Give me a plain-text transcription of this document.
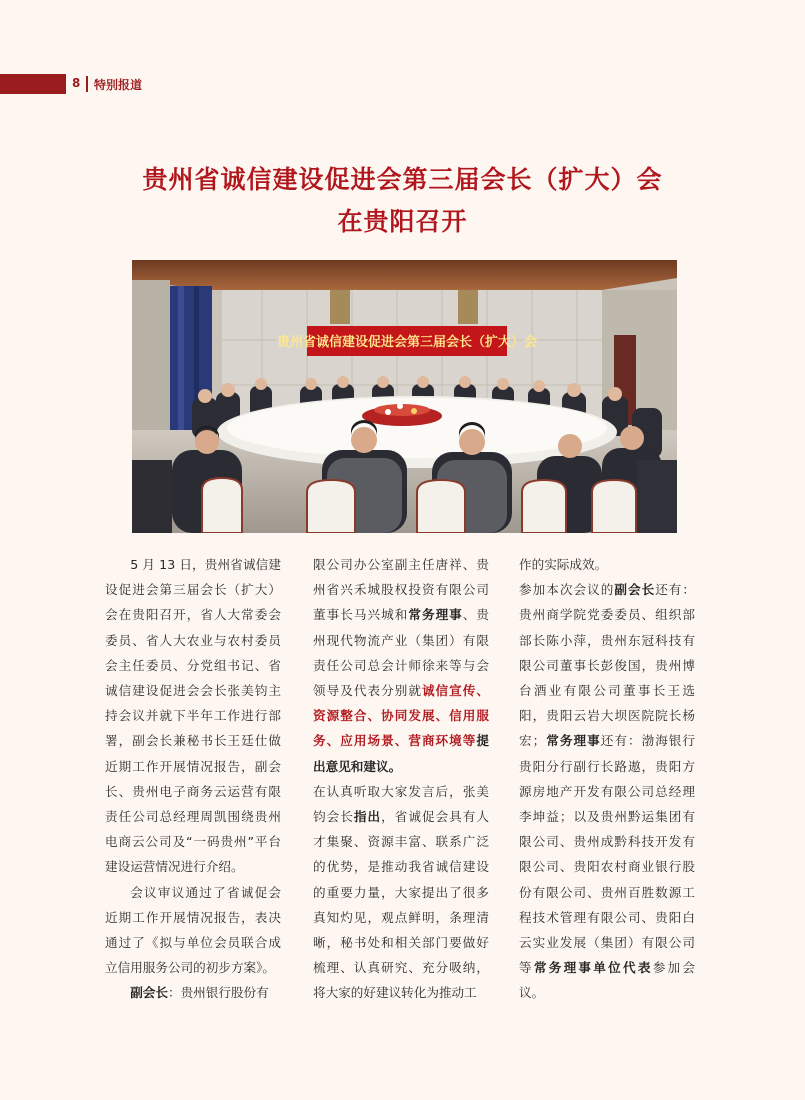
8 特别报道
贵州省诚信建设促进会第三届会长（扩大）会
在贵阳召开
贵州省诚信建设促进会第三届会长（扩大）会

5 月 13 日，贵州省诚信建设促进会第三届会长（扩大）会在贵阳召开，省人大常委会委员、省人大农业与农村委员会主任委员、分党组书记、省诚信建设促进会会长张美钧主持会议并就下半年工作进行部署，副会长兼秘书长王廷仕做近期工作开展情况报告，副会长、贵州电子商务云运营有限责任公司总经理周凯围绕贵州电商云公司及“一码贵州”平台建设运营情况进行介绍。

会议审议通过了省诚促会近期工作开展情况报告，表决通过了《拟与单位会员联合成立信用服务公司的初步方案》。

副会长：贵州银行股份有

限公司办公室副主任唐祥、贵州省兴禾城股权投资有限公司董事长马兴城和常务理事、贵州现代物流产业（集团）有限责任公司总会计师徐来等与会领导及代表分别就诚信宣传、资源整合、协同发展、信用服务、应用场景、营商环境等提出意见和建议。

在认真听取大家发言后，张美钧会长指出，省诚促会具有人才集聚、资源丰富、联系广泛的优势，是推动我省诚信建设的重要力量，大家提出了很多真知灼见，观点鲜明，条理清晰，秘书处和相关部门要做好梳理、认真研究、充分吸纳，将大家的好建议转化为推动工

作的实际成效。

参加本次会议的副会长还有：贵州商学院党委委员、组织部部长陈小萍，贵州东冠科技有限公司董事长彭俊国，贵州博台酒业有限公司董事长王选阳，贵阳云岩大坝医院院长杨宏；常务理事还有：渤海银行贵阳分行副行长路遨，贵阳方源房地产开发有限公司总经理李坤益；以及贵州黔运集团有限公司、贵州成黔科技开发有限公司、贵阳农村商业银行股份有限公司、贵州百胜数源工程技术管理有限公司、贵阳白云实业发展（集团）有限公司等常务理事单位代表参加会议。
